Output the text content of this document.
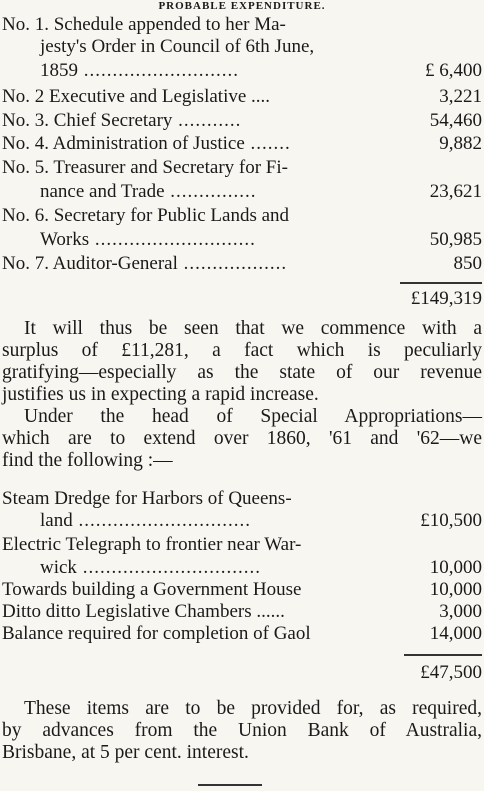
PROBABLE EXPENDITURE.
No. 1. Schedule appended to her Ma-
jesty's Order in Council of 6th June,
1859 ...........................	£ 6,400
No. 2 Executive and Legislative ....	3,221
No. 3. Chief Secretary ...........	54,460
No. 4. Administration of Justice .......	9,882
No. 5. Treasurer and Secretary for Fi-
nance and Trade ...............	23,621
No. 6. Secretary for Public Lands and
Works ............................	50,985
No. 7. Auditor-General ..................	850
£149,319
It will thus be seen that we commence with a
surplus of £11,281, a fact which is peculiarly
gratifying—especially as the state of our revenue
justifies us in expecting a rapid increase.
Under the head of Special Appropriations—
which are to extend over 1860, '61 and '62—we
find the following :—
Steam Dredge for Harbors of Queens-
land ..............................	£10,500
Electric Telegraph to frontier near War-
wick ...............................	10,000
Towards building a Government House	10,000
Ditto ditto Legislative Chambers ......	3,000
Balance required for completion of Gaol	14,000
£47,500
These items are to be provided for, as required,
by advances from the Union Bank of Australia,
Brisbane, at 5 per cent. interest.
